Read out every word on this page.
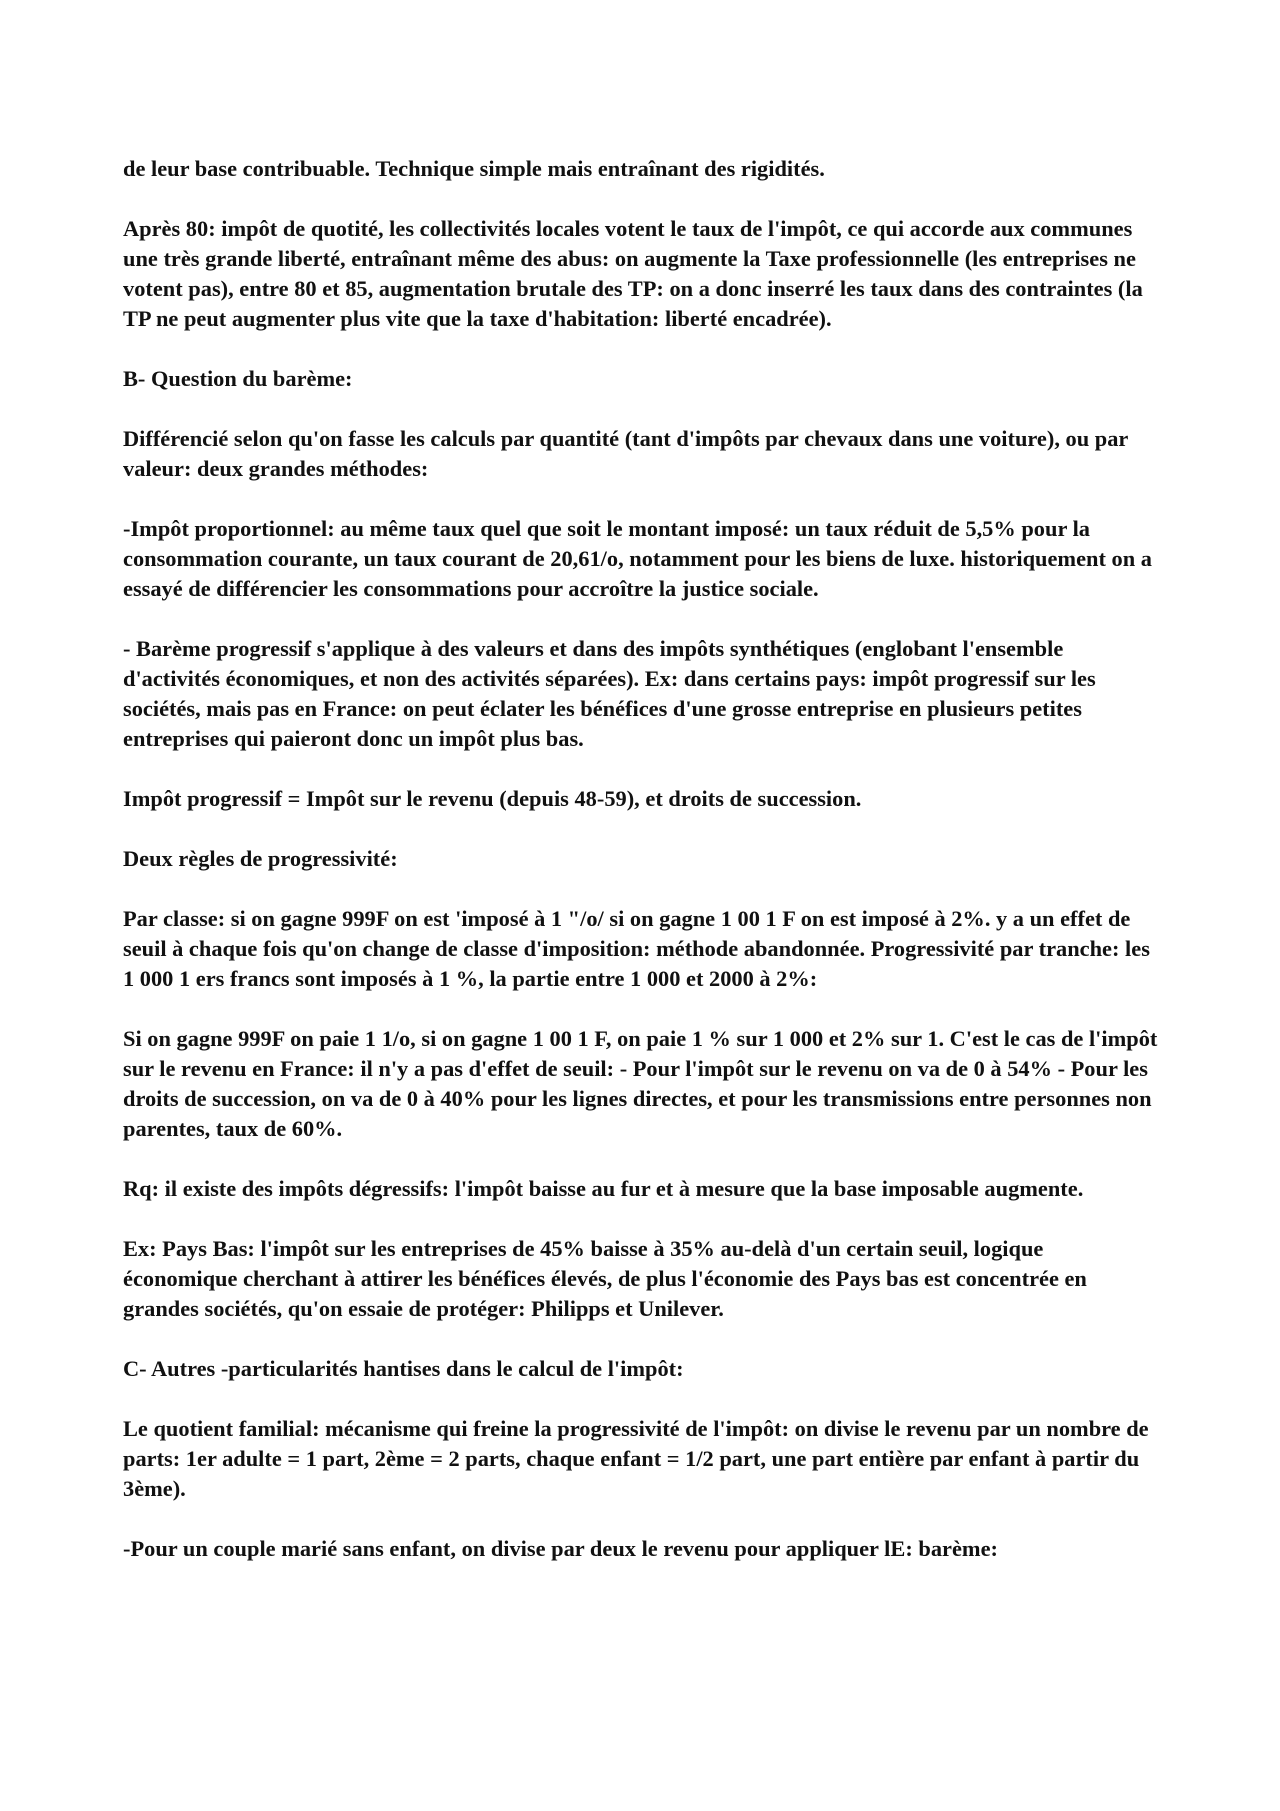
de leur base contribuable. Technique simple mais entraînant des rigidités.

Après 80: impôt de quotité, les collectivités locales votent le taux de l'impôt, ce qui accorde aux communes une très grande liberté, entraînant même des abus: on augmente la Taxe professionnelle (les entreprises ne votent pas), entre 80 et 85, augmentation brutale des TP: on a donc inserré les taux dans des contraintes (la TP ne peut augmenter plus vite que la taxe d'habitation: liberté encadrée).

B- Question du barème:

Différencié selon qu'on fasse les calculs par quantité (tant d'impôts par chevaux dans une voiture), ou par valeur: deux grandes méthodes:

-Impôt proportionnel: au même taux quel que soit le montant imposé: un taux réduit de 5,5% pour la consommation courante, un taux courant de 20,61/o, notamment pour les biens de luxe. historiquement on a essayé de différencier les consommations pour accroître la justice sociale.

- Barème progressif s'applique à des valeurs et dans des impôts synthétiques (englobant l'ensemble d'activités économiques, et non des activités séparées). Ex: dans certains pays: impôt progressif sur les sociétés, mais pas en France: on peut éclater les bénéfices d'une grosse entreprise en plusieurs petites entreprises qui paieront donc un impôt plus bas.

Impôt progressif = Impôt sur le revenu (depuis 48-59), et droits de succession.

Deux règles de progressivité:

Par classe: si on gagne 999F on est 'imposé à 1 "/o/ si on gagne 1 00 1 F on est imposé à 2%. y a un effet de seuil à chaque fois qu'on change de classe d'imposition: méthode abandonnée. Progressivité par tranche: les 1 000 1 ers francs sont imposés à 1 %, la partie entre 1 000 et 2000 à 2%:

Si on gagne 999F on paie 1 1/o, si on gagne 1 00 1 F, on paie 1 % sur 1 000 et 2% sur 1. C'est le cas de l'impôt sur le revenu en France: il n'y a pas d'effet de seuil: - Pour l'impôt sur le revenu on va de 0 à 54% - Pour les droits de succession, on va de 0 à 40% pour les lignes directes, et pour les transmissions entre personnes non parentes, taux de 60%.

Rq: il existe des impôts dégressifs: l'impôt baisse au fur et à mesure que la base imposable augmente.

Ex: Pays Bas: l'impôt sur les entreprises de 45% baisse à 35% au-delà d'un certain seuil, logique économique cherchant à attirer les bénéfices élevés, de plus l'économie des Pays bas est concentrée en grandes sociétés, qu'on essaie de protéger: Philipps et Unilever.

C- Autres -particularités hantises dans le calcul de l'impôt:

Le quotient familial: mécanisme qui freine la progressivité de l'impôt: on divise le revenu par un nombre de parts: 1er adulte = 1 part, 2ème = 2 parts, chaque enfant = 1/2 part, une part entière par enfant à partir du 3ème).

-Pour un couple marié sans enfant, on divise par deux le revenu pour appliquer lE: barème:
